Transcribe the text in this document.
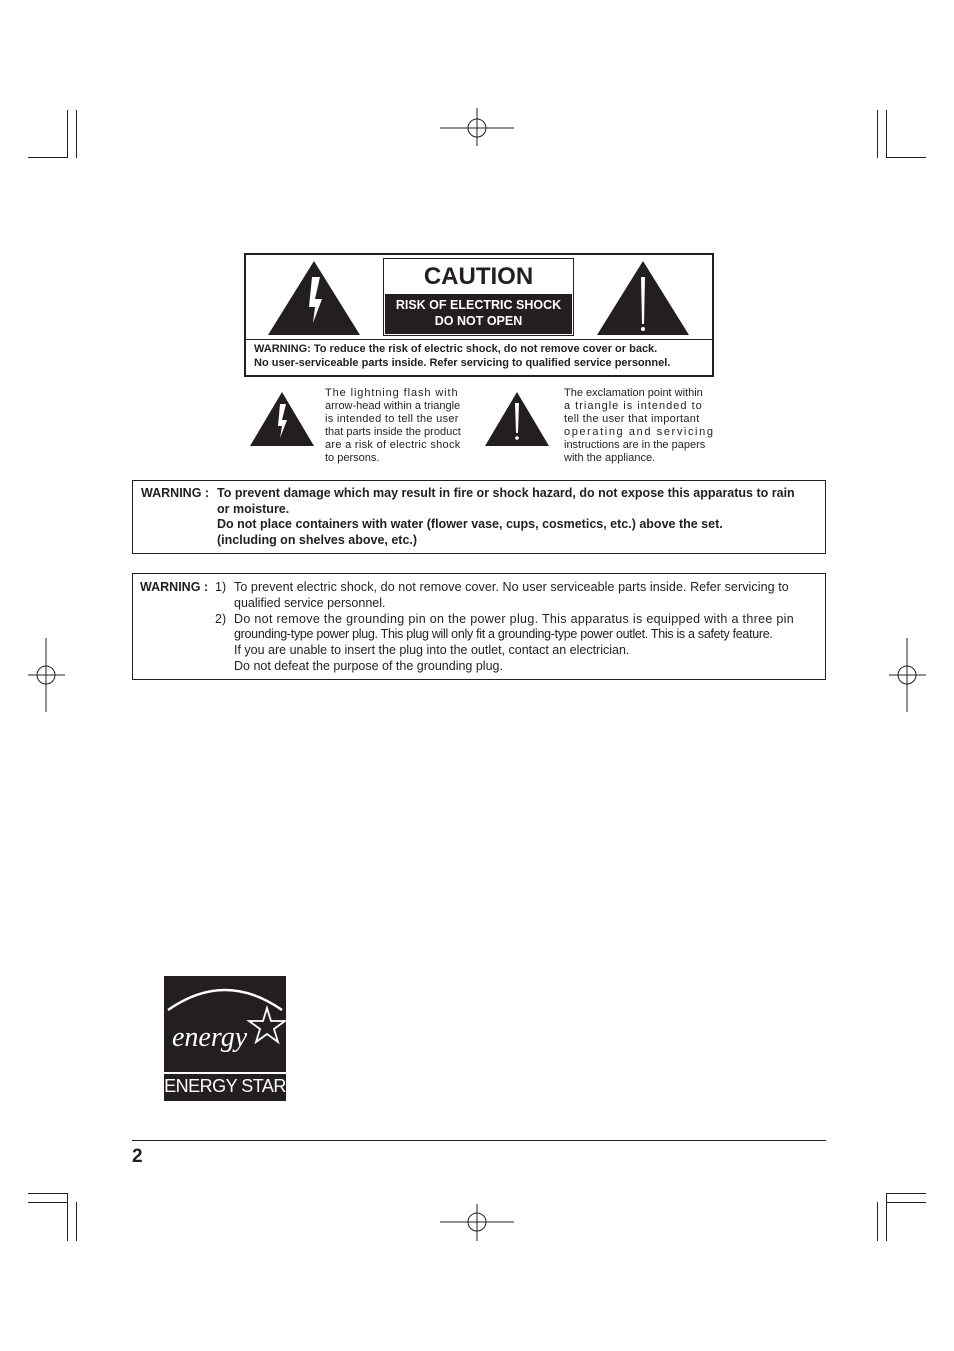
CAUTION
RISK OF ELECTRIC SHOCK
DO NOT OPEN
WARNING: To reduce the risk of electric shock, do not remove cover or back.
No user-serviceable parts inside. Refer servicing to qualified service personnel.
The lightning flash with
arrow-head within a triangle
is intended to tell the user
that parts inside the product
are a risk of electric shock
to persons.
The exclamation point within
a triangle is intended to
tell the user that important
operating and servicing
instructions are in the papers
with the appliance.
WARNING : To prevent damage which may result in fire or shock hazard, do not expose this apparatus to rain
or moisture.
Do not place containers with water (flower vase, cups, cosmetics, etc.) above the set.
(including on shelves above, etc.)
WARNING : 1) To prevent electric shock, do not remove cover. No user serviceable parts inside. Refer servicing to
qualified service personnel.
2) Do not remove the grounding pin on the power plug. This apparatus is equipped with a three pin
grounding-type power plug. This plug will only fit a grounding-type power outlet. This is a safety feature.
If you are unable to insert the plug into the outlet, contact an electrician.
Do not defeat the purpose of the grounding plug.
energy
ENERGY STAR
2
